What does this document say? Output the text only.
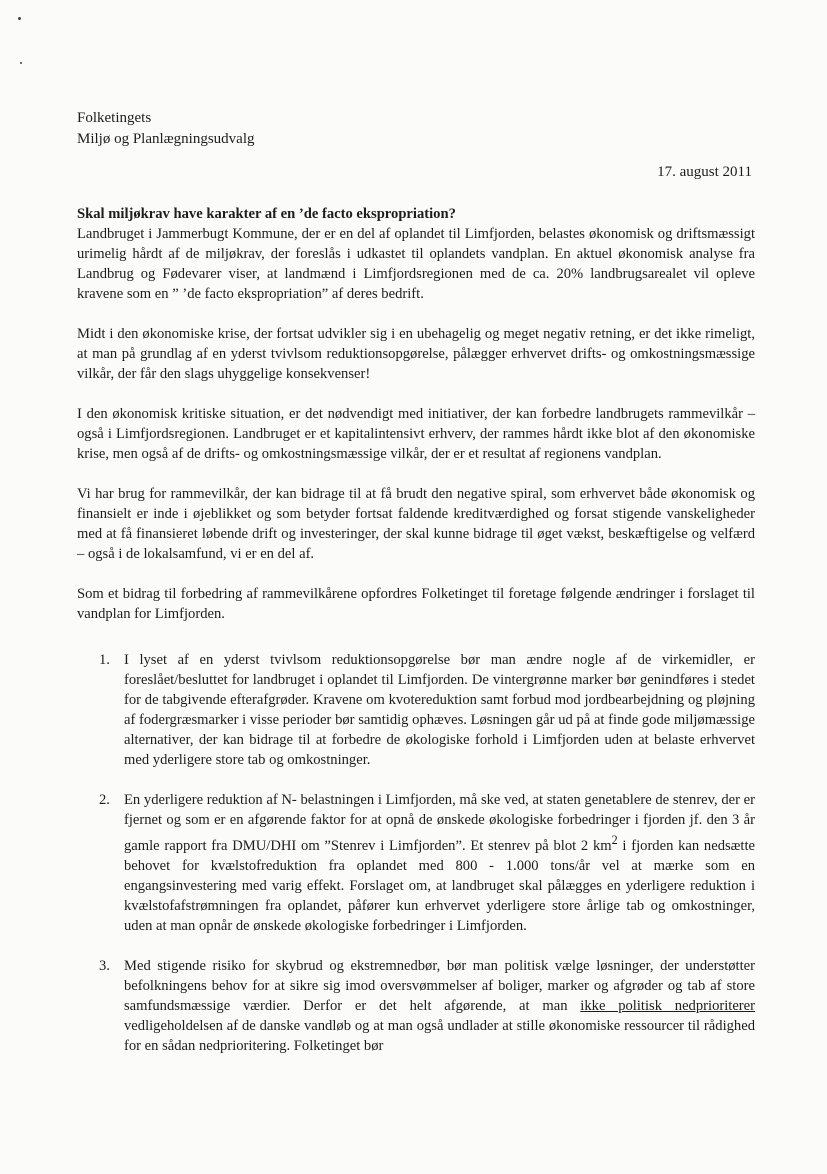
Folketingets
Miljø og Planlægningsudvalg
17. august 2011

Skal miljøkrav have karakter af en ’de facto ekspropriation?

Landbruget i Jammerbugt Kommune, der er en del af oplandet til Limfjorden, belastes økonomisk og driftsmæssigt urimelig hårdt af de miljøkrav, der foreslås i udkastet til oplandets vandplan. En aktuel økonomisk analyse fra Landbrug og Fødevarer viser, at landmænd i Limfjordsregionen med de ca. 20% landbrugsarealet vil opleve kravene som en ” ’de facto ekspropriation” af deres bedrift.

Midt i den økonomiske krise, der fortsat udvikler sig i en ubehagelig og meget negativ retning, er det ikke rimeligt, at man på grundlag af en yderst tvivlsom reduktionsopgørelse, pålægger erhvervet drifts- og omkostningsmæssige vilkår, der får den slags uhyggelige konsekvenser!

I den økonomisk kritiske situation, er det nødvendigt med initiativer, der kan forbedre landbrugets rammevilkår – også i Limfjordsregionen. Landbruget er et kapitalintensivt erhverv, der rammes hårdt ikke blot af den økonomiske krise, men også af de drifts- og omkostningsmæssige vilkår, der er et resultat af regionens vandplan.

Vi har brug for rammevilkår, der kan bidrage til at få brudt den negative spiral, som erhvervet både økonomisk og finansielt er inde i øjeblikket og som betyder fortsat faldende kreditværdighed og forsat stigende vanskeligheder med at få finansieret løbende drift og investeringer, der skal kunne bidrage til øget vækst, beskæftigelse og velfærd – også i de lokalsamfund, vi er en del af.

Som et bidrag til forbedring af rammevilkårene opfordres Folketinget til foretage følgende ændringer i forslaget til vandplan for Limfjorden.

1. I lyset af en yderst tvivlsom reduktionsopgørelse bør man ændre nogle af de virkemidler, er foreslået/besluttet for landbruget i oplandet til Limfjorden. De vintergrønne marker bør genindføres i stedet for de tabgivende efterafgrøder. Kravene om kvotereduktion samt forbud mod jordbearbejdning og pløjning af fodergræsmarker i visse perioder bør samtidig ophæves. Løsningen går ud på at finde gode miljømæssige alternativer, der kan bidrage til at forbedre de økologiske forhold i Limfjorden uden at belaste erhvervet med yderligere store tab og omkostninger.
2. En yderligere reduktion af N- belastningen i Limfjorden, må ske ved, at staten genetablere de stenrev, der er fjernet og som er en afgørende faktor for at opnå de ønskede økologiske forbedringer i fjorden jf. den 3 år gamle rapport fra DMU/DHI om ”Stenrev i Limfjorden”. Et stenrev på blot 2 $km^2$ i fjorden kan nedsætte behovet for kvælstofreduktion fra oplandet med 800 - 1.000 tons/år vel at mærke som en engangsinvestering med varig effekt. Forslaget om, at landbruget skal pålægges en yderligere reduktion i kvælstofafstrømningen fra oplandet, påfører kun erhvervet yderligere store årlige tab og omkostninger, uden at man opnår de ønskede økologiske forbedringer i Limfjorden.
3. Med stigende risiko for skybrud og ekstremnedbør, bør man politisk vælge løsninger, der understøtter befolkningens behov for at sikre sig imod oversvømmelser af boliger, marker og afgrøder og tab af store samfundsmæssige værdier. Derfor er det helt afgørende, at man ikke politisk nedprioriterer vedligeholdelsen af de danske vandløb og at man også undlader at stille økonomiske ressourcer til rådighed for en sådan nedprioritering. Folketinget bør
